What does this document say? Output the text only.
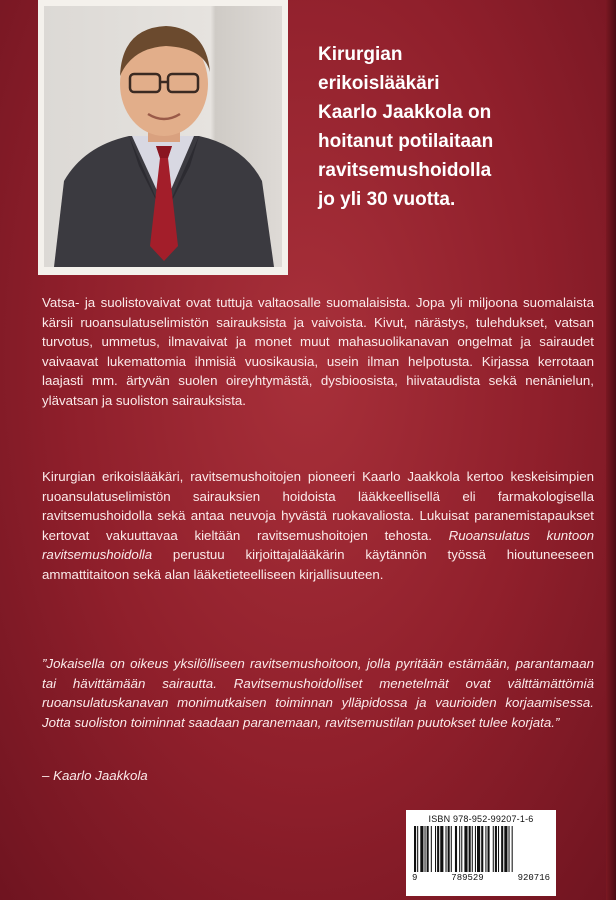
Kirurgian
erikoislääkäri
Kaarlo Jaakkola on
hoitanut potilaitaan
ravitsemushoidolla
jo yli 30 vuotta.
Vatsa- ja suolistovaivat ovat tuttuja valtaosalle suomalaisista. Jopa yli miljoona suomalaista kärsii ruoansulatuselimistön sairauksista ja vaivoista. Kivut, närästys, tulehdukset, vatsan turvotus, ummetus, ilmavaivat ja monet muut mahasuolikanavan ongelmat ja sairaudet vaivaavat lukemattomia ihmisiä vuosikausia, usein ilman helpotusta. Kirjassa kerrotaan laajasti mm. ärtyvän suolen oireyhtymästä, dysbioosista, hiivataudista sekä nenänielun, ylävatsan ja suoliston sairauksista.
Kirurgian erikoislääkäri, ravitsemushoitojen pioneeri Kaarlo Jaakkola kertoo keskeisimpien ruoansulatuselimistön sairauksien hoidoista lääkkeellisellä eli farmakologisella ravitsemushoidolla sekä antaa neuvoja hyvästä ruokavaliosta. Lukuisat paranemistapaukset kertovat vakuuttavaa kieltään ravitsemushoitojen tehosta. Ruoansulatus kuntoon ravitsemushoidolla perustuu kirjoittajalääkärin käytännön työssä hioutuneeseen ammattitaitoon sekä alan lääketieteelliseen kirjallisuuteen.
”Jokaisella on oikeus yksilölliseen ravitsemushoitoon, jolla pyritään estämään, parantamaan tai hävittämään sairautta. Ravitsemushoidolliset menetelmät ovat välttämättömiä ruoansulatuskanavan monimutkaisen toiminnan ylläpidossa ja vaurioiden korjaamisessa. Jotta suoliston toiminnat saadaan paranemaan, ravitsemustilan puutokset tulee korjata.”
– Kaarlo Jaakkola
ISBN 978-952-99207-1-6
9	789529	920716
